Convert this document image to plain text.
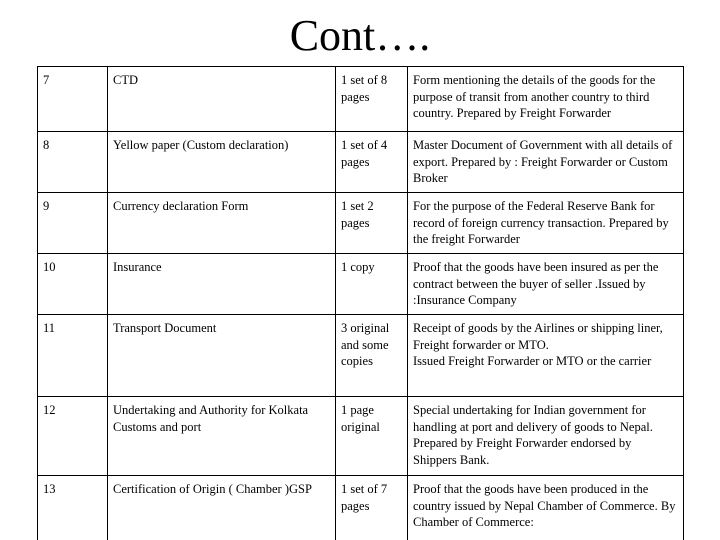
Cont….
7	CTD	1 set of 8 pages	Form mentioning the details of the goods for the purpose of transit from another country to third country. Prepared by Freight Forwarder
8	Yellow paper (Custom declaration)	1 set of 4 pages	Master Document of Government with all details of export. Prepared by : Freight Forwarder or Custom Broker
9	Currency declaration Form	1 set 2 pages	For the purpose of the Federal Reserve Bank for record of foreign currency transaction. Prepared by the freight Forwarder
10	Insurance	1 copy	Proof that the goods have been insured as per the contract between the buyer of seller .Issued by :Insurance Company
11	Transport Document	3 original and some copies	Receipt of goods by the Airlines or shipping liner, Freight forwarder or MTO.
Issued Freight Forwarder or MTO or the carrier

12	Undertaking and Authority for Kolkata Customs and port	1 page original	Special undertaking for Indian government for handling at port and delivery of goods to Nepal. Prepared by Freight Forwarder endorsed by Shippers Bank.
13	Certification of Origin ( Chamber )GSP	1 set of 7 pages	Proof that the goods have been produced in the country issued by Nepal Chamber of Commerce. By Chamber of Commerce:
